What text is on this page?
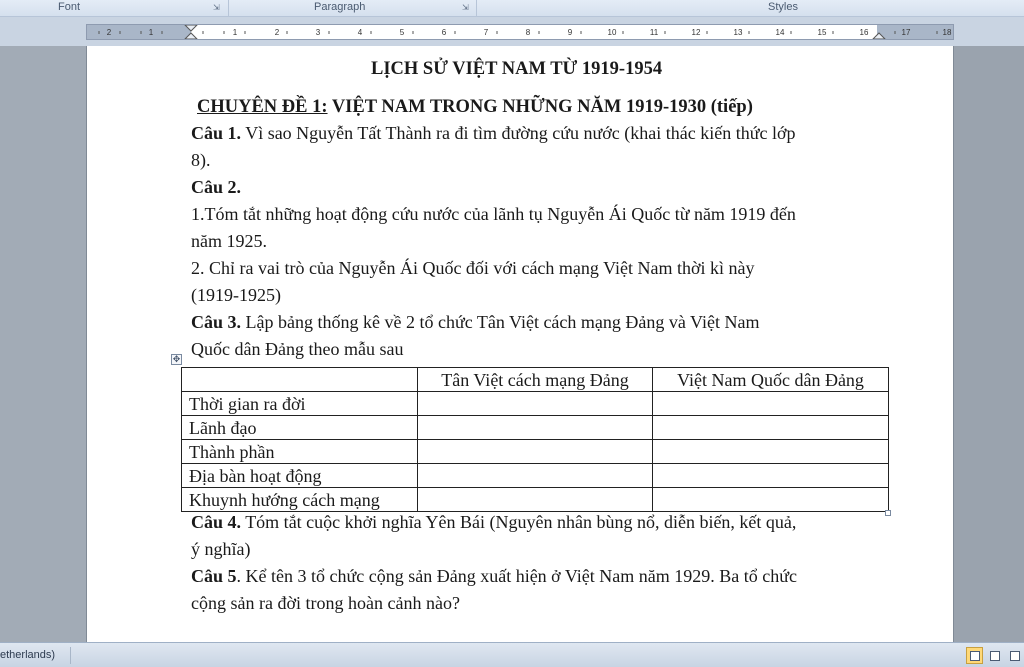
Font	⇲	Paragraph	⇲	Styles
2	1	1	2	3	4	5	6	7	8	9	10	11	12	13	14	15	16	17	18
LỊCH SỬ VIỆT NAM TỪ 1919-1954
CHUYÊN ĐỀ 1: VIỆT NAM TRONG NHỮNG NĂM 1919-1930 (tiếp)
Câu 1. Vì sao Nguyễn Tất Thành ra đi tìm đường cứu nước (khai thác kiến thức lớp
8).
Câu 2.
1.Tóm tắt những hoạt động cứu nước của lãnh tụ Nguyễn Ái Quốc từ năm 1919 đến
năm 1925.
2. Chỉ ra vai trò của Nguyễn Ái Quốc đối với cách mạng Việt Nam thời kì này
(1919-1925)
Câu 3. Lập bảng thống kê về 2 tổ chức Tân Việt cách mạng Đảng và Việt Nam
Quốc dân Đảng theo mẫu sau
Câu 4. Tóm tắt cuộc khởi nghĩa Yên Bái (Nguyên nhân bùng nổ, diễn biến, kết quả,
ý nghĩa)
Câu 5. Kể tên 3 tổ chức cộng sản Đảng xuất hiện ở Việt Nam năm 1929. Ba tổ chức
cộng sản ra đời trong hoàn cảnh nào?
✥
	Tân Việt cách mạng Đảng	Việt Nam Quốc dân Đảng
Thời gian ra đời		
Lãnh đạo		
Thành phần		
Địa bàn hoạt động		
Khuynh hướng cách mạng		
etherlands)
